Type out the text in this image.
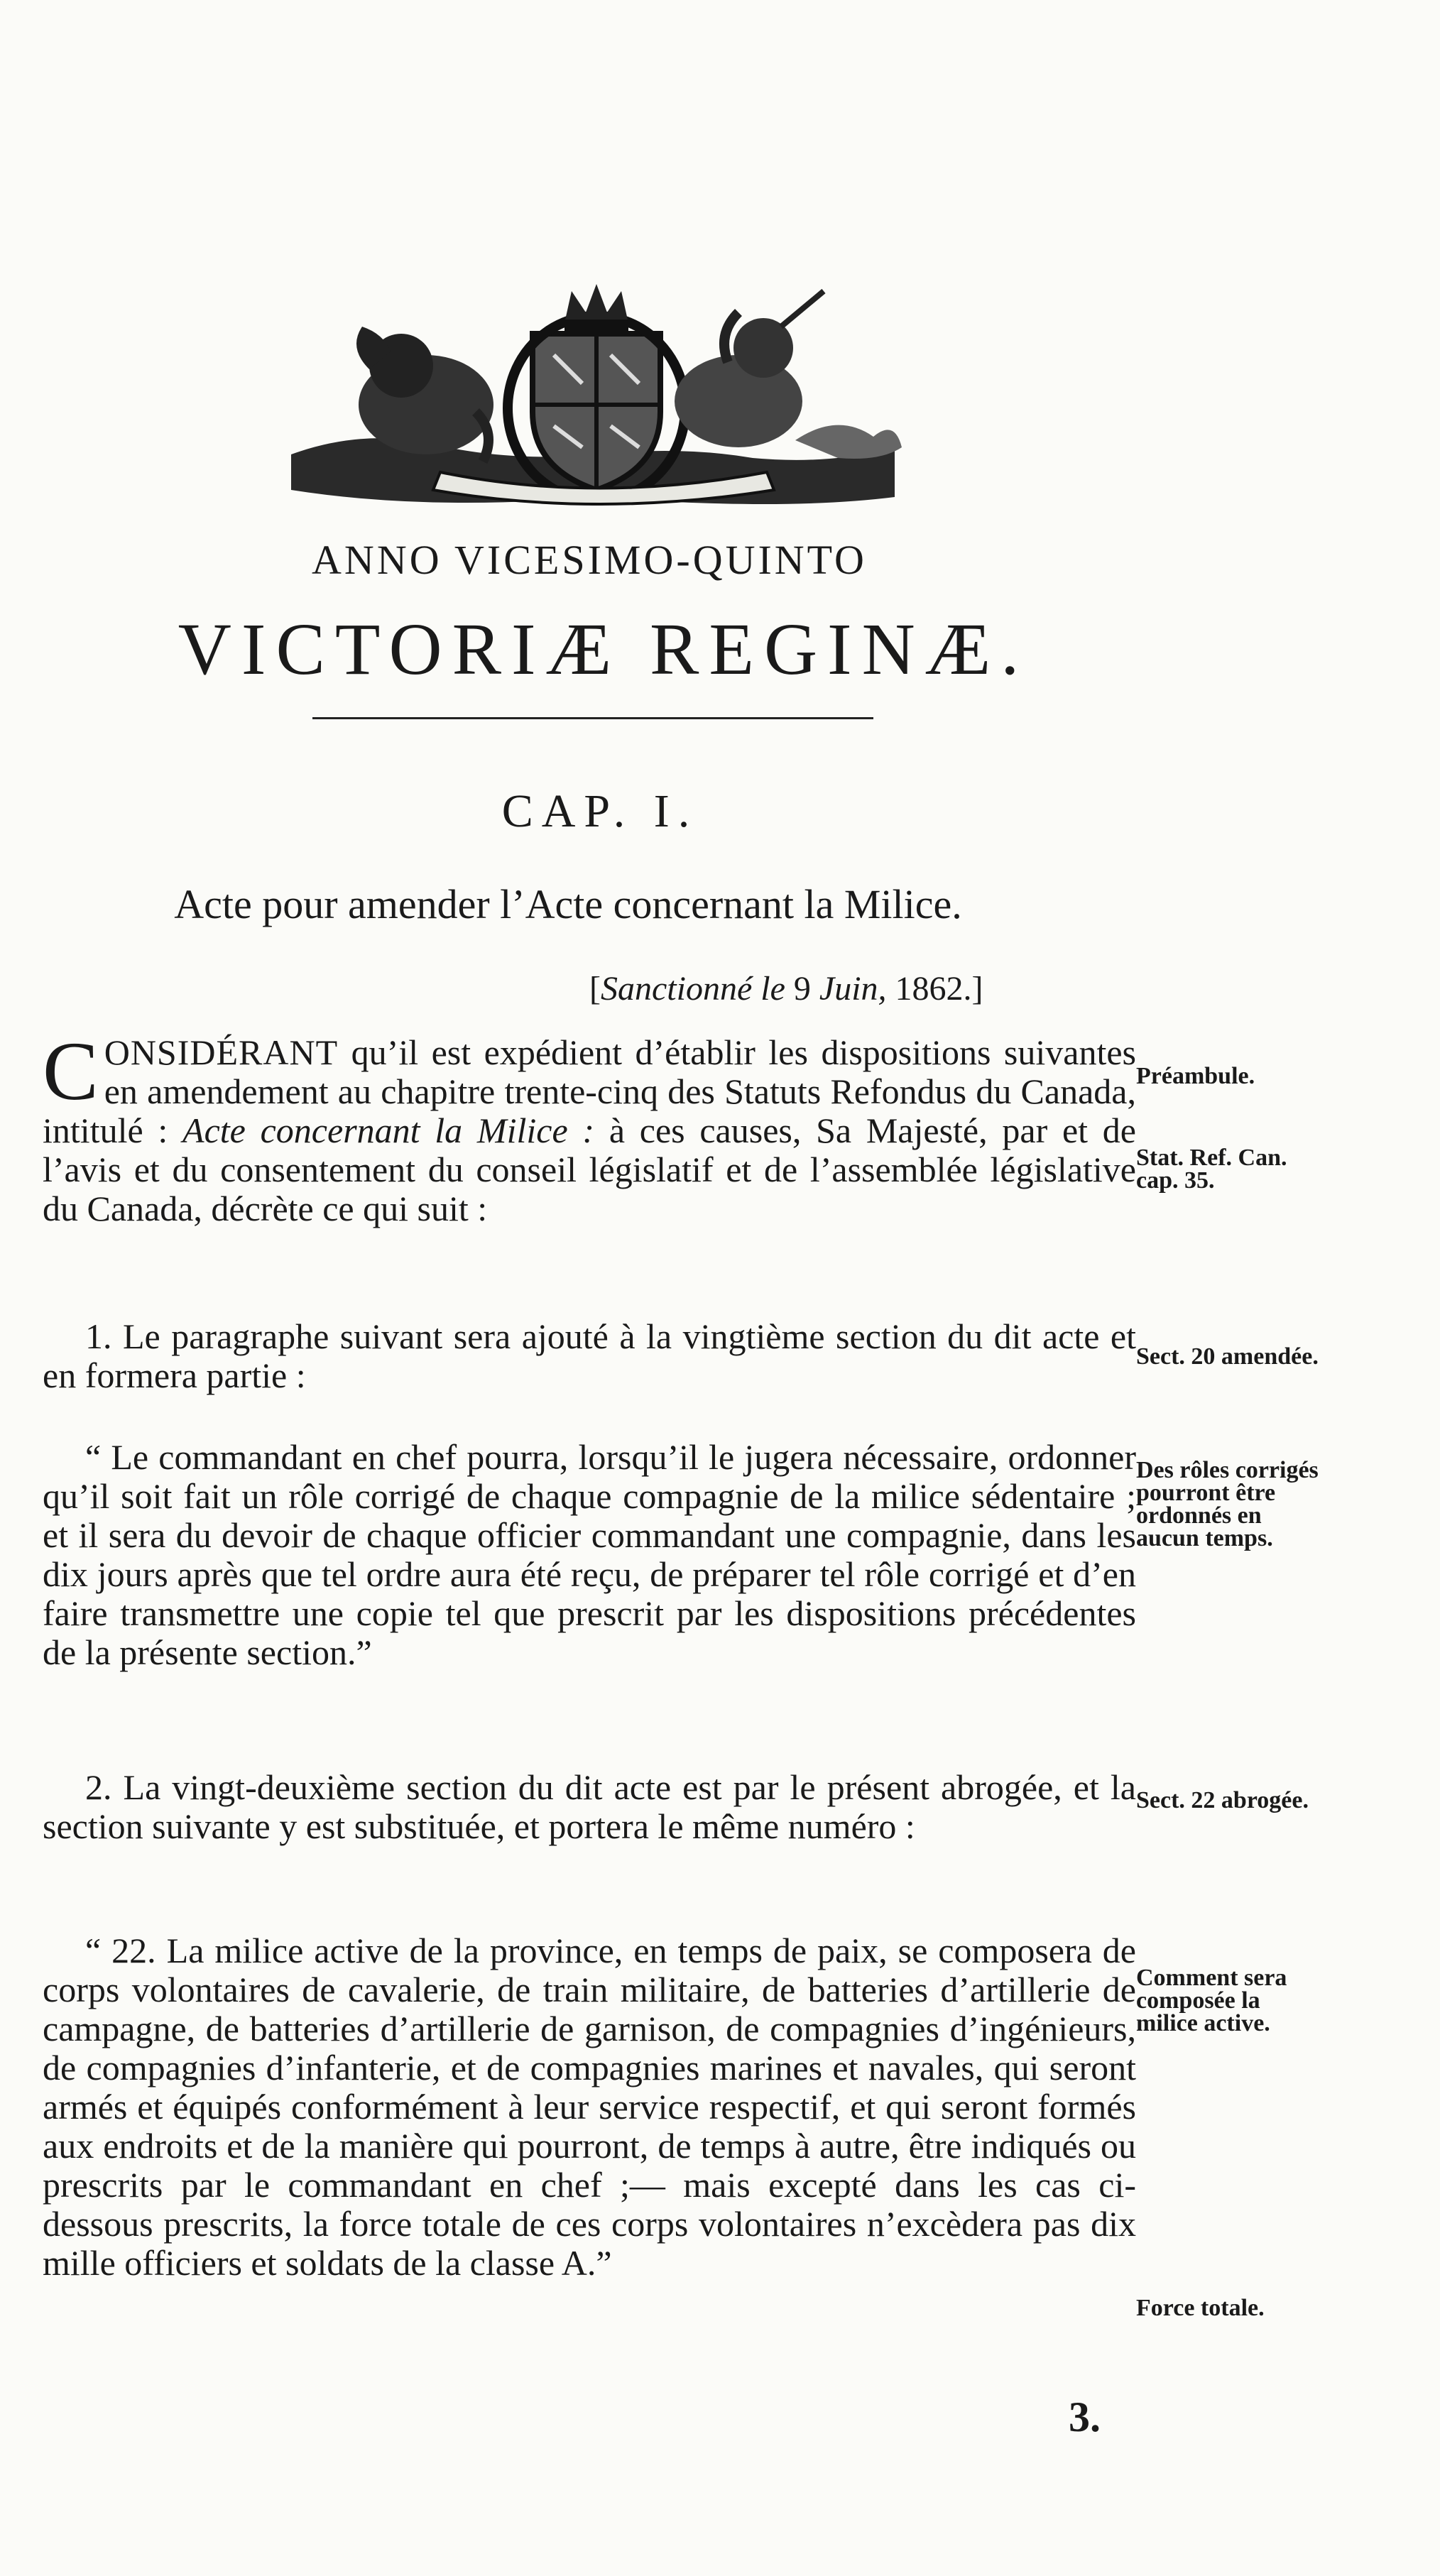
ANNO VICESIMO-QUINTO
VICTORIÆ REGINÆ.
CAP. I.
Acte pour amender l’Acte concernant la Milice.
[Sanctionné le 9 Juin, 1862.]

CONSIDÉRANT qu’il est expédient d’établir les dispositions suivantes en amendement au chapitre trente-cinq des Statuts Refondus du Canada, intitulé : Acte concernant la Milice : à ces causes, Sa Majesté, par et de l’avis et du consentement du conseil législatif et de l’assemblée législative du Canada, décrète ce qui suit :

Préambule.
Stat. Ref. Can. cap. 35.
1. Le paragraphe suivant sera ajouté à la vingtième section du dit acte et en formera partie :	Sect. 20 amendée.
“ Le commandant en chef pourra, lorsqu’il le jugera nécessaire, ordonner qu’il soit fait un rôle corrigé de chaque compagnie de la milice sédentaire ; et il sera du devoir de chaque officier commandant une compagnie, dans les dix jours après que tel ordre aura été reçu, de préparer tel rôle corrigé et d’en faire transmettre une copie tel que prescrit par les dispositions précédentes de la présente section.”
Des rôles corrigés pourront être ordonnés en aucun temps.
2. La vingt-deuxième section du dit acte est par le présent abrogée, et la section suivante y est substituée, et portera le même numéro :
Sect. 22 abrogée.
“ 22. La milice active de la province, en temps de paix, se composera de corps volontaires de cavalerie, de train militaire, de batteries d’artillerie de campagne, de batteries d’artillerie de garnison, de compagnies d’ingénieurs, de compagnies d’infanterie, et de compagnies marines et navales, qui seront armés et équipés conformément à leur service respectif, et qui seront formés aux endroits et de la manière qui pourront, de temps à autre, être indiqués ou prescrits par le commandant en chef ;— mais excepté dans les cas ci-dessous prescrits, la force totale de ces corps volontaires n’excèdera pas dix mille officiers et soldats de la classe A.”
Comment sera composée la milice active.
Force totale.
3.
